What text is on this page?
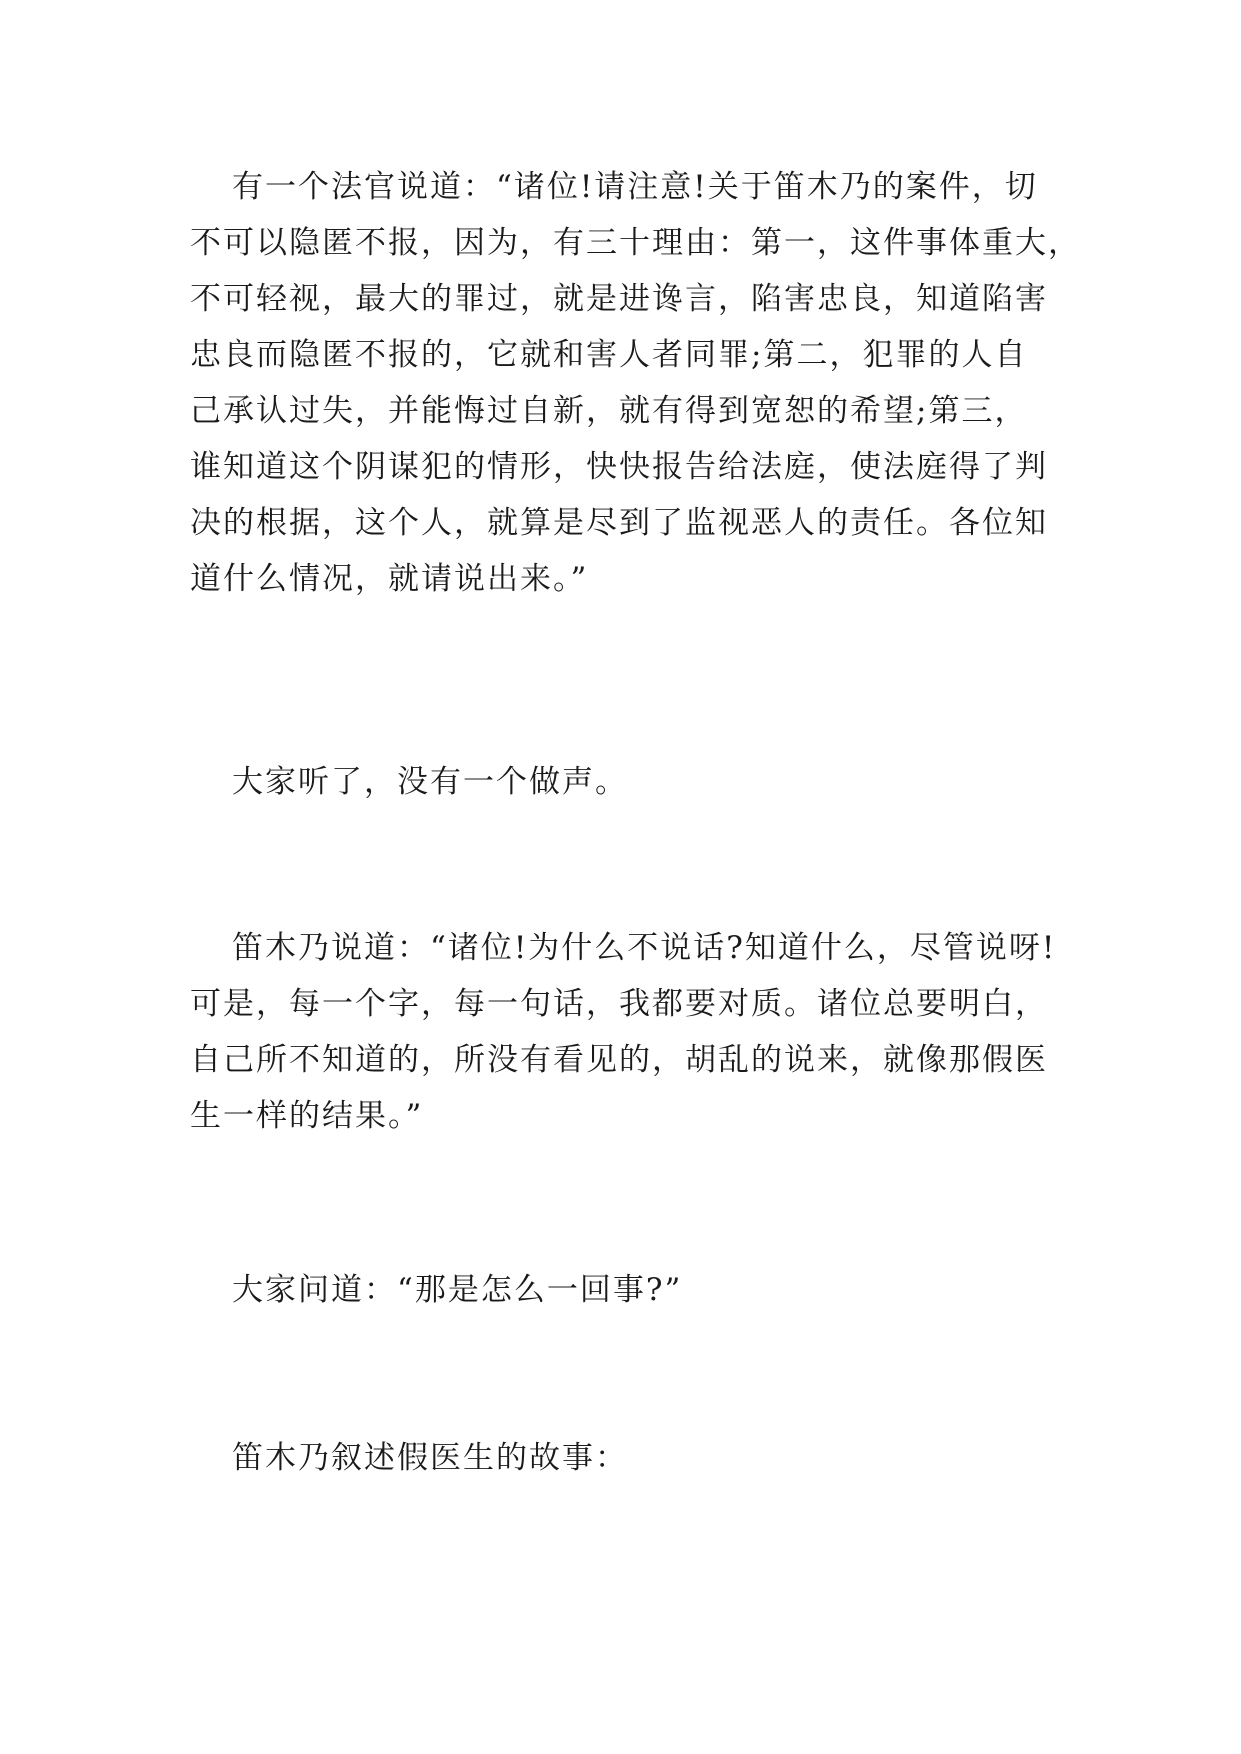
有一个法官说道：“诸位!请注意!关于笛木乃的案件，切
不可以隐匿不报，因为，有三十理由：第一，这件事体重大，
不可轻视，最大的罪过，就是进谗言，陷害忠良，知道陷害
忠良而隐匿不报的，它就和害人者同罪;第二，犯罪的人自
己承认过失，并能悔过自新，就有得到宽恕的希望;第三，
谁知道这个阴谋犯的情形，快快报告给法庭，使法庭得了判
决的根据，这个人，就算是尽到了监视恶人的责任。各位知
道什么情况，就请说出来。”
大家听了，没有一个做声。
笛木乃说道：“诸位!为什么不说话?知道什么，尽管说呀!
可是，每一个字，每一句话，我都要对质。诸位总要明白，
自己所不知道的，所没有看见的，胡乱的说来，就像那假医
生一样的结果。”
大家问道：“那是怎么一回事?”
笛木乃叙述假医生的故事：
